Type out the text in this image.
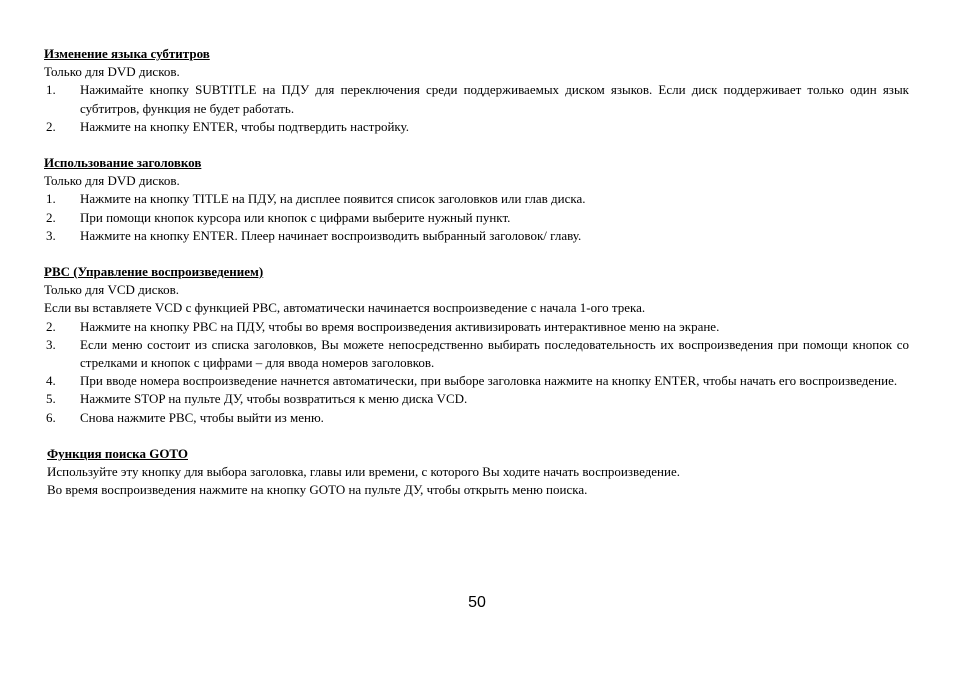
Изменение языка субтитров
Только для DVD дисков.
1.	Нажимайте кнопку SUBTITLE на ПДУ для переключения среди поддерживаемых диском языков. Если диск поддерживает только один язык субтитров, функция не будет работать.
2.	Нажмите на кнопку ENTER, чтобы подтвердить настройку.
Использование заголовков
Только для DVD дисков.
1.	Нажмите на кнопку TITLE на ПДУ, на дисплее появится список заголовков или глав диска.
2.	При помощи кнопок курсора или кнопок с цифрами выберите нужный пункт.
3.	Нажмите на кнопку ENTER. Плеер начинает воспроизводить выбранный заголовок/ главу.
PBC (Управление воспроизведением)
Только для VCD дисков.
Если вы вставляете VCD с функцией PBC, автоматически начинается воспроизведение с начала 1-ого трека.
2.	Нажмите на кнопку PBC на ПДУ, чтобы во время воспроизведения активизировать интерактивное меню на экране.
3.	Если меню состоит из списка заголовков, Вы можете непосредственно выбирать последовательность их воспроизведения при помощи кнопок со стрелками и кнопок с цифрами – для ввода номеров заголовков.
4.	При вводе номера воспроизведение начнется автоматически, при выборе заголовка нажмите на кнопку ENTER, чтобы начать его воспроизведение.
5.	Нажмите STOP на пульте ДУ, чтобы возвратиться к меню диска VCD.
6.	Снова нажмите PBC, чтобы выйти из меню.
Функция поиска GOTO
Используйте эту кнопку для выбора заголовка, главы или времени, с которого Вы ходите начать воспроизведение.
Во время воспроизведения нажмите на кнопку GOTO на пульте ДУ, чтобы открыть меню поиска.
50
